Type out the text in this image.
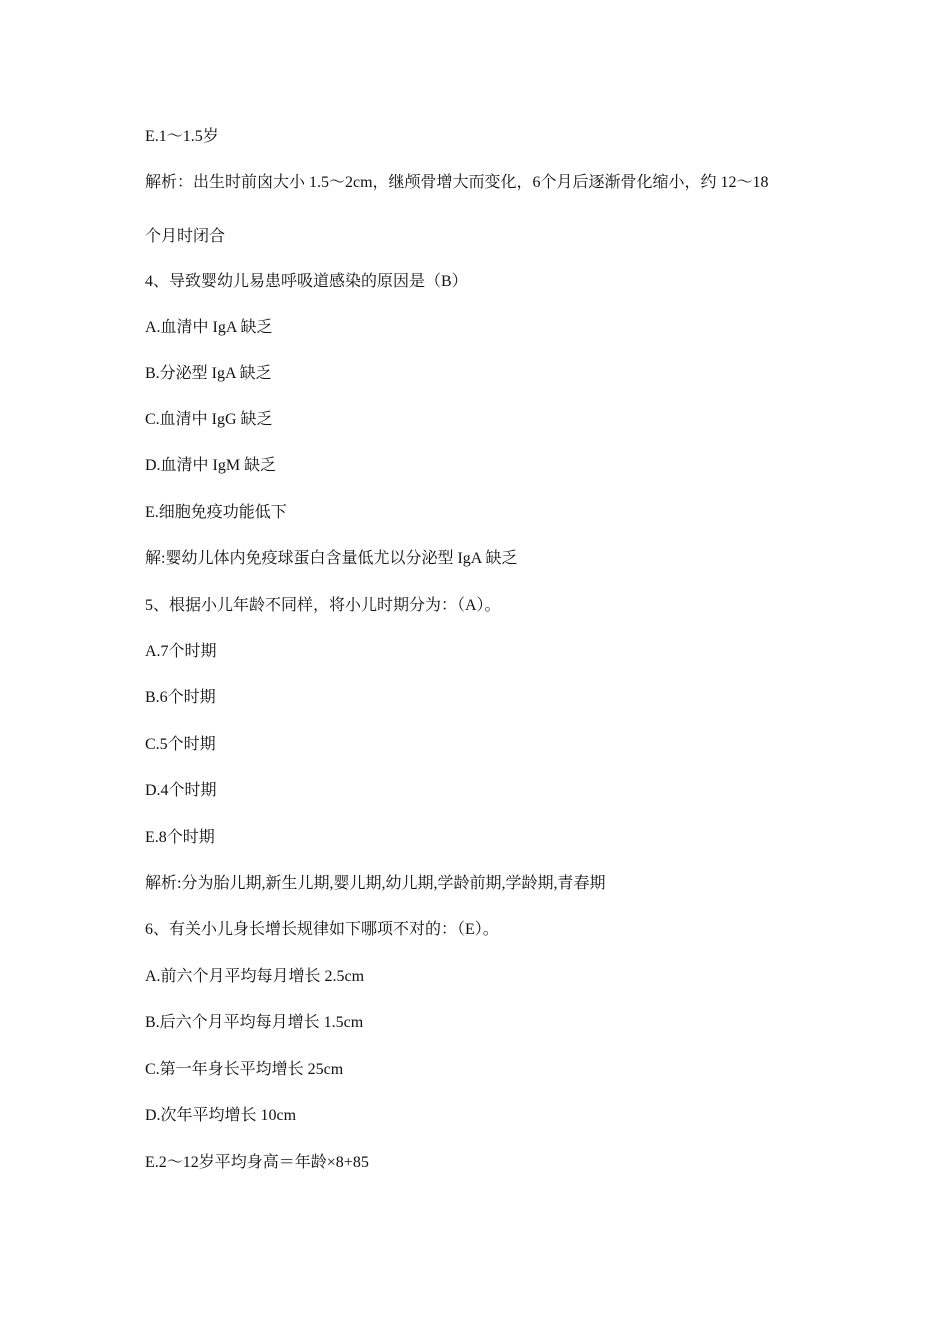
E.1～1.5岁
解析：出生时前囟大小 1.5～2cm，继颅骨增大而变化，6个月后逐渐骨化缩小，约 12～18
个月时闭合
4、导致婴幼儿易患呼吸道感染的原因是（B）
A.血清中 IgA 缺乏
B.分泌型 IgA 缺乏
C.血清中 IgG 缺乏
D.血清中 IgM 缺乏
E.细胞免疫功能低下
解:婴幼儿体内免疫球蛋白含量低尤以分泌型 IgA 缺乏
5、根据小儿年龄不同样，将小儿时期分为：（A）。
A.7个时期
B.6个时期
C.5个时期
D.4个时期
E.8个时期
解析:分为胎儿期,新生儿期,婴儿期,幼儿期,学龄前期,学龄期,青春期
6、有关小儿身长增长规律如下哪项不对的：（E）。
A.前六个月平均每月增长 2.5cm
B.后六个月平均每月增长 1.5cm
C.第一年身长平均增长 25cm
D.次年平均增长 10cm
E.2～12岁平均身高＝年龄×8+85
